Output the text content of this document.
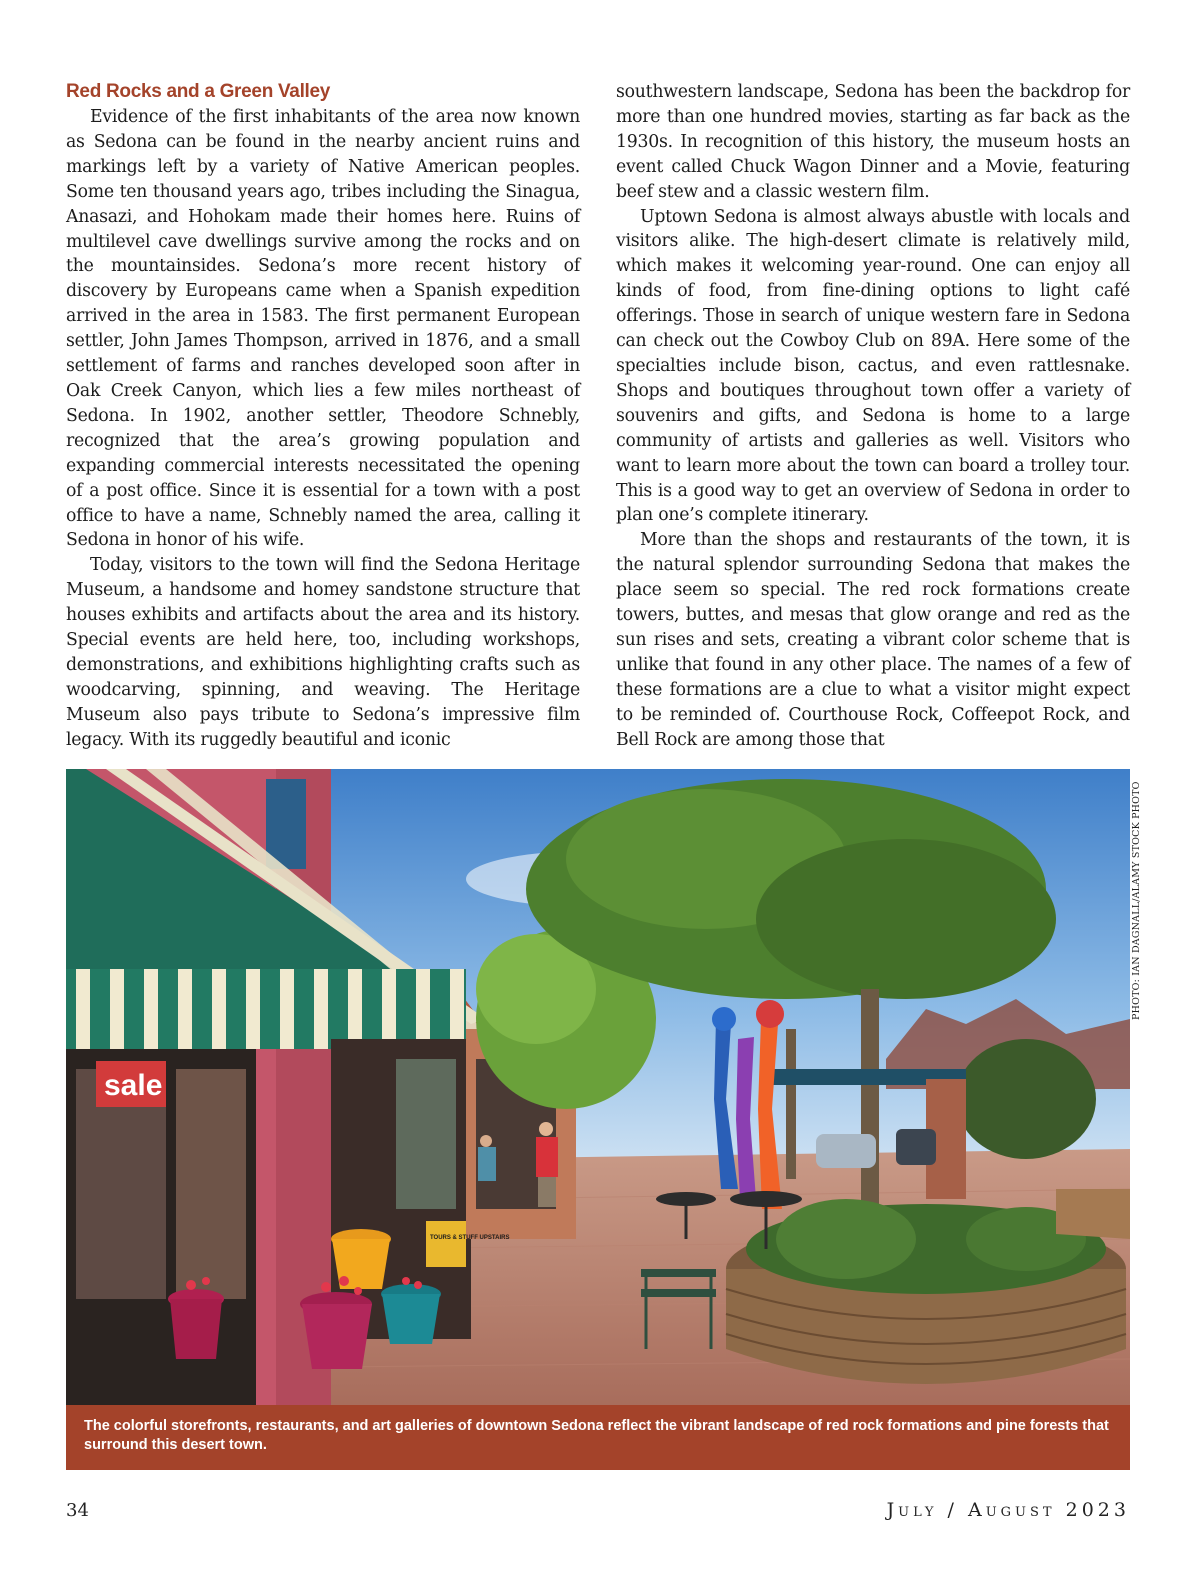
Red Rocks and a Green Valley

Evidence of the first inhabitants of the area now known as Sedona can be found in the nearby ancient ruins and markings left by a variety of Native American peoples. Some ten thousand years ago, tribes including the Sinagua, Anasazi, and Hohokam made their homes here. Ruins of multilevel cave dwellings survive among the rocks and on the mountainsides. Sedona’s more recent history of discovery by Europeans came when a Spanish expedition arrived in the area in 1583. The first permanent European settler, John James Thompson, arrived in 1876, and a small settlement of farms and ranches developed soon after in Oak Creek Canyon, which lies a few miles northeast of Sedona. In 1902, another settler, Theodore Schnebly, recognized that the area’s growing population and expanding commercial interests necessitated the opening of a post office. Since it is essential for a town with a post office to have a name, Schnebly named the area, calling it Sedona in honor of his wife.

Today, visitors to the town will find the Sedona Heritage Museum, a handsome and homey sandstone structure that houses exhibits and artifacts about the area and its history. Special events are held here, too, including workshops, demonstrations, and exhibitions highlighting crafts such as woodcarving, spinning, and weaving. The Heritage Museum also pays tribute to Sedona’s impressive film legacy. With its ruggedly beautiful and iconic

southwestern landscape, Sedona has been the backdrop for more than one hundred movies, starting as far back as the 1930s. In recognition of this history, the museum hosts an event called Chuck Wagon Dinner and a Movie, featuring beef stew and a classic western film.

Uptown Sedona is almost always abustle with locals and visitors alike. The high-desert climate is relatively mild, which makes it welcoming year-round. One can enjoy all kinds of food, from fine-dining options to light café offerings. Those in search of unique western fare in Sedona can check out the Cowboy Club on 89A. Here some of the specialties include bison, cactus, and even rattlesnake. Shops and boutiques throughout town offer a variety of souvenirs and gifts, and Sedona is home to a large community of artists and galleries as well. Visitors who want to learn more about the town can board a trolley tour. This is a good way to get an overview of Sedona in order to plan one’s complete itinerary.

More than the shops and restaurants of the town, it is the natural splendor surrounding Sedona that makes the place seem so special. The red rock formations create towers, buttes, and mesas that glow orange and red as the sun rises and sets, creating a vibrant color scheme that is unlike that found in any other place. The names of a few of these formations are a clue to what a visitor might expect to be reminded of. Courthouse Rock, Coffeepot Rock, and Bell Rock are among those that

sale
TOURS & STUFF UPSTAIRS
PHOTO: IAN DAGNALL/ALAMY STOCK PHOTO
The colorful storefronts, restaurants, and art galleries of downtown Sedona reflect the vibrant landscape of red rock formations and pine forests that surround this desert town.
34	July / August 2023
